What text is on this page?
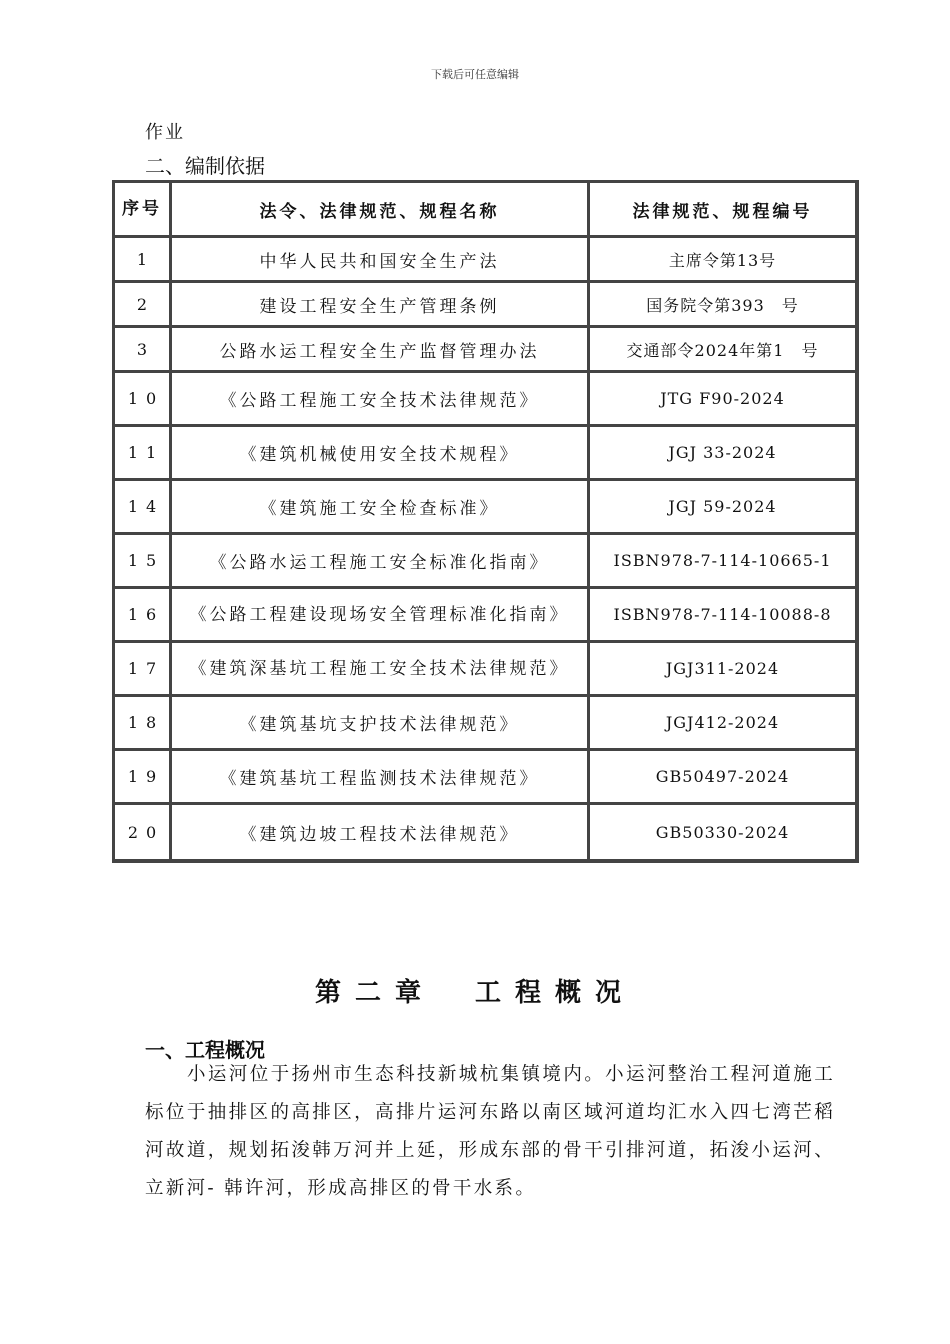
下载后可任意编辑
作业
二、编制依据
序号	法令、法律规范、规程名称	法律规范、规程编号
1	中华人民共和国安全生产法	主席令第13号
2	建设工程安全生产管理条例	国务院令第393　号
3	公路水运工程安全生产监督管理办法	交通部令2024年第1　号
10	《公路工程施工安全技术法律规范》	JTG F90-2024
11	《建筑机械使用安全技术规程》	JGJ 33-2024
14	《建筑施工安全检查标准》	JGJ 59-2024
15	《公路水运工程施工安全标准化指南》	ISBN978-7-114-10665-1
16	《公路工程建设现场安全管理标准化指南》	ISBN978-7-114-10088-8
17	《建筑深基坑工程施工安全技术法律规范》	JGJ311-2024
18	《建筑基坑支护技术法律规范》	JGJ412-2024
19	《建筑基坑工程监测技术法律规范》	GB50497-2024
20	《建筑边坡工程技术法律规范》	GB50330-2024
第二章　工程概况
一、工程概况
小运河位于扬州市生态科技新城杭集镇境内。小运河整治工程河道施工标位于抽排区的高排区，高排片运河东路以南区域河道均汇水入四七湾芒稻河故道，规划拓浚韩万河并上延，形成东部的骨干引排河道，拓浚小运河、立新河- 韩许河，形成高排区的骨干水系。
